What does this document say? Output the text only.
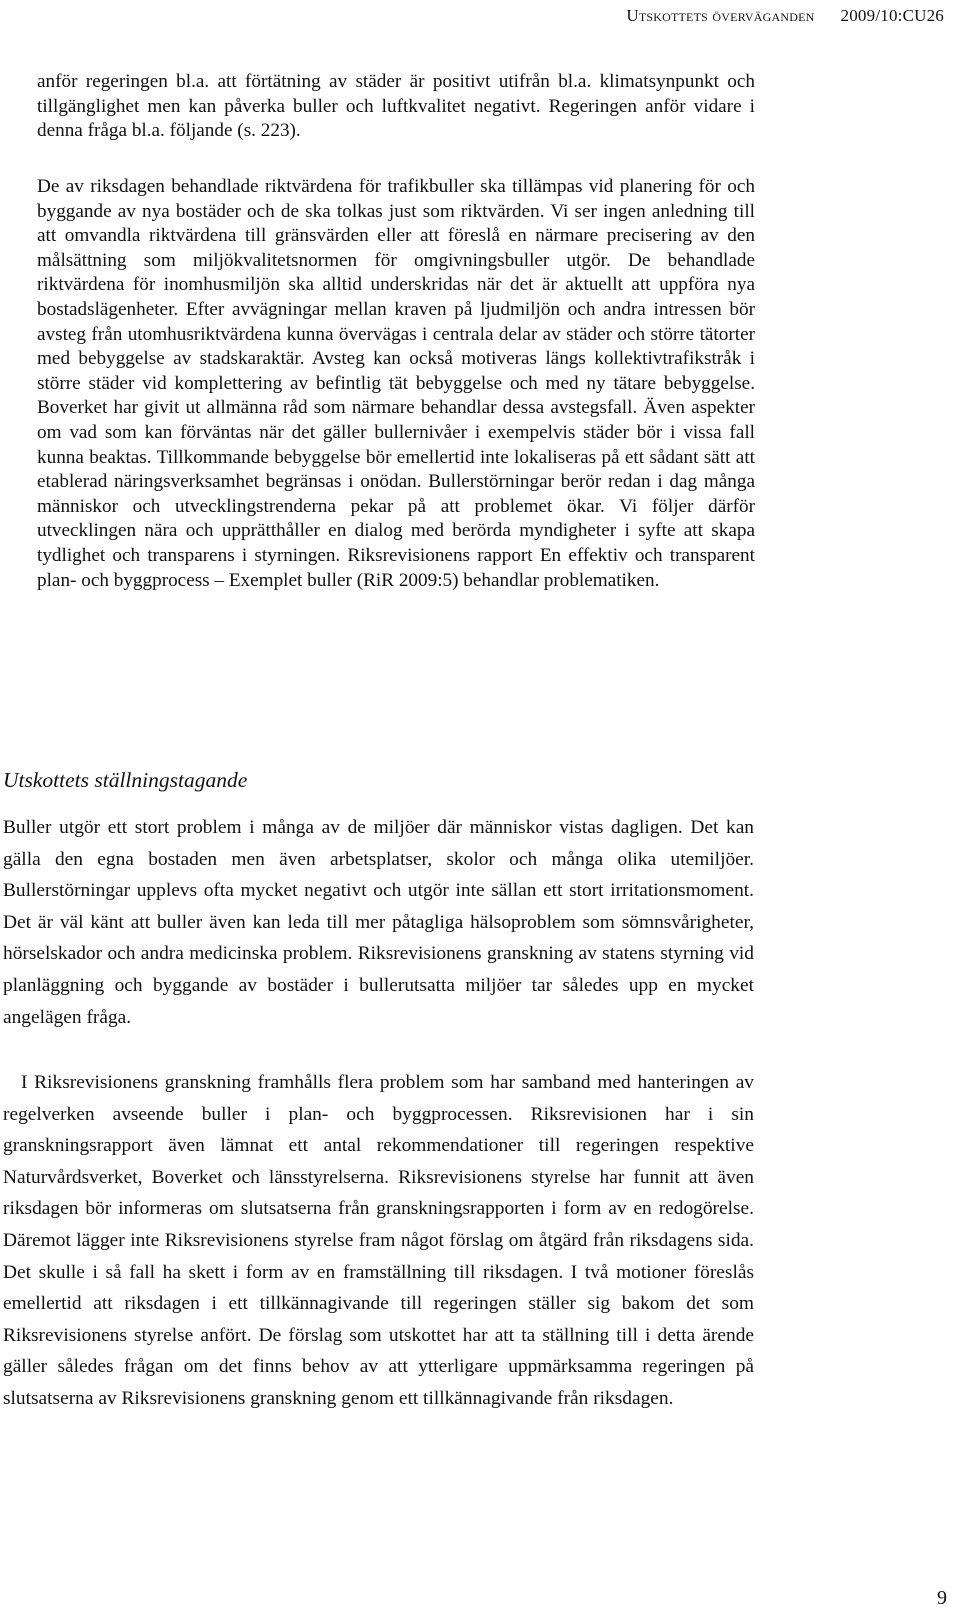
Utskottets överväganden 2009/10:CU26

anför regeringen bl.a. att förtätning av städer är positivt utifrån bl.a. klimatsynpunkt och tillgänglighet men kan påverka buller och luftkvalitet negativt. Regeringen anför vidare i denna fråga bl.a. följande (s. 223).

De av riksdagen behandlade riktvärdena för trafikbuller ska tillämpas vid planering för och byggande av nya bostäder och de ska tolkas just som riktvärden. Vi ser ingen anledning till att omvandla riktvärdena till gränsvärden eller att föreslå en närmare precisering av den målsättning som miljökvalitetsnormen för omgivningsbuller utgör. De behandlade riktvärdena för inomhusmiljön ska alltid underskridas när det är aktuellt att uppföra nya bostadslägenheter. Efter avvägningar mellan kraven på ljudmiljön och andra intressen bör avsteg från utomhusriktvärdena kunna övervägas i centrala delar av städer och större tätorter med bebyggelse av stadskaraktär. Avsteg kan också motiveras längs kollektivtrafikstråk i större städer vid komplettering av befintlig tät bebyggelse och med ny tätare bebyggelse. Boverket har givit ut allmänna råd som närmare behandlar dessa avstegsfall. Även aspekter om vad som kan förväntas när det gäller bullernivåer i exempelvis städer bör i vissa fall kunna beaktas. Tillkommande bebyggelse bör emellertid inte lokaliseras på ett sådant sätt att etablerad näringsverksamhet begränsas i onödan. Bullerstörningar berör redan i dag många människor och utvecklingstrenderna pekar på att problemet ökar. Vi följer därför utvecklingen nära och upprätthåller en dialog med berörda myndigheter i syfte att skapa tydlighet och transparens i styrningen. Riksrevisionens rapport En effektiv och transparent plan- och byggprocess – Exemplet buller (RiR 2009:5) behandlar problematiken.

Utskottets ställningstagande

Buller utgör ett stort problem i många av de miljöer där människor vistas dagligen. Det kan gälla den egna bostaden men även arbetsplatser, skolor och många olika utemiljöer. Bullerstörningar upplevs ofta mycket negativt och utgör inte sällan ett stort irritationsmoment. Det är väl känt att buller även kan leda till mer påtagliga hälsoproblem som sömnsvårigheter, hörselskador och andra medicinska problem. Riksrevisionens granskning av statens styrning vid planläggning och byggande av bostäder i bullerutsatta miljöer tar således upp en mycket angelägen fråga.

I Riksrevisionens granskning framhålls flera problem som har samband med hanteringen av regelverken avseende buller i plan- och byggprocessen. Riksrevisionen har i sin granskningsrapport även lämnat ett antal rekommendationer till regeringen respektive Naturvårdsverket, Boverket och länsstyrelserna. Riksrevisionens styrelse har funnit att även riksdagen bör informeras om slutsatserna från granskningsrapporten i form av en redogörelse. Däremot lägger inte Riksrevisionens styrelse fram något förslag om åtgärd från riksdagens sida. Det skulle i så fall ha skett i form av en framställning till riksdagen. I två motioner föreslås emellertid att riksdagen i ett tillkännagivande till regeringen ställer sig bakom det som Riksrevisionens styrelse anfört. De förslag som utskottet har att ta ställning till i detta ärende gäller således frågan om det finns behov av att ytterligare uppmärksamma regeringen på slutsatserna av Riksrevisionens granskning genom ett tillkännagivande från riksdagen.

9
